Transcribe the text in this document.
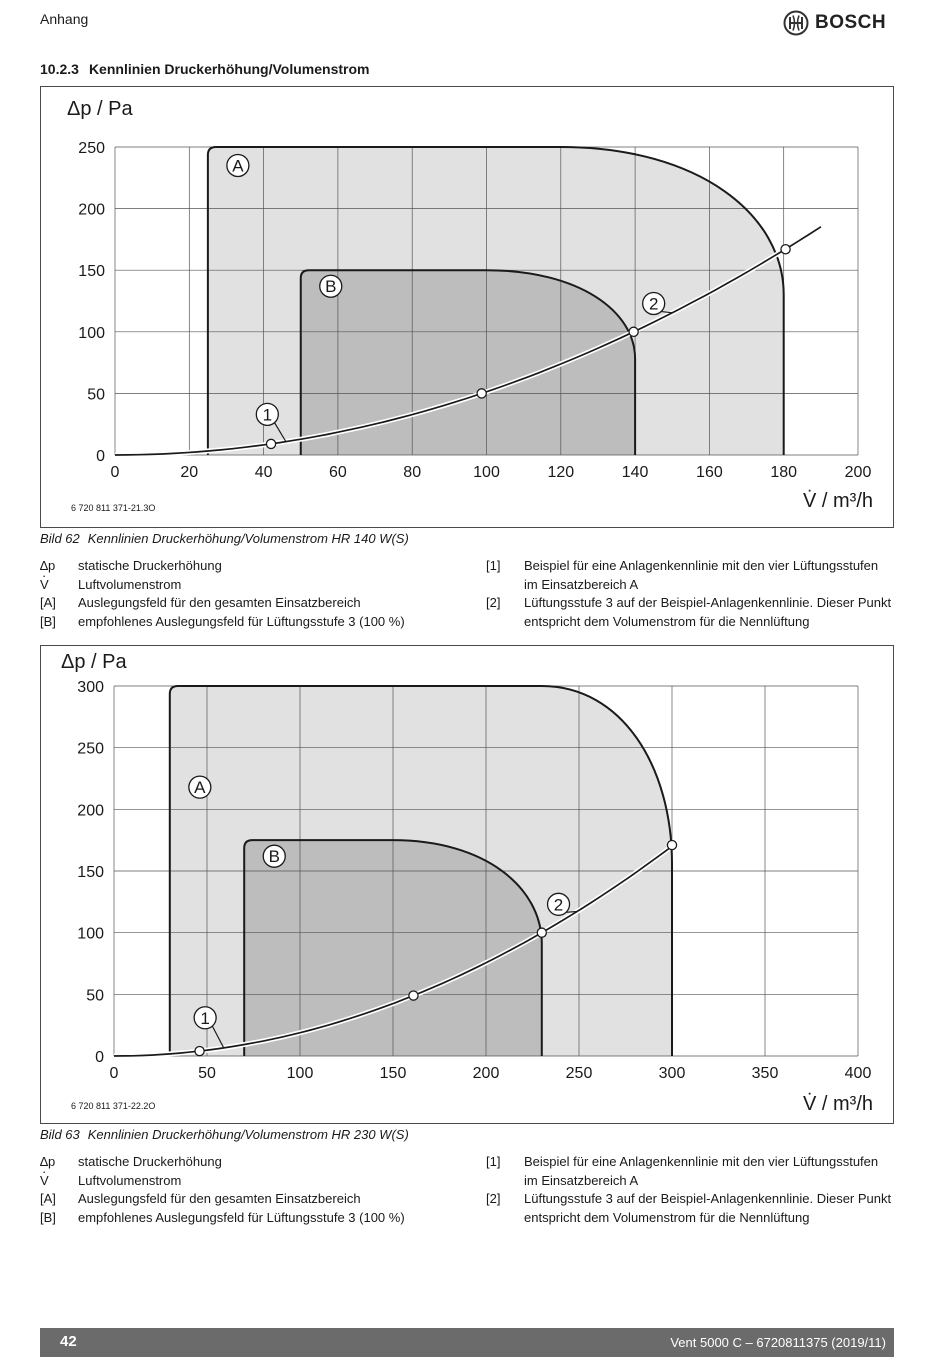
Anhang	BOSCH
10.2.3 Kennlinien Druckerhöhung/Volumenstrom
1
2
A
B
0
50
100
150
200
250
0	20	40	60	80	100	120	140	160	180	200
Δp / Pa
V̇ / m³/h
6 720 811 371-21.3O
Bild 62 Kennlinien Druckerhöhung/Volumenstrom HR 140 W(S)
∆p	statische Druckerhöhung
· V	Luftvolumenstrom
[A]	Auslegungsfeld für den gesamten Einsatzbereich
[B]	empfohlenes Auslegungsfeld für Lüftungsstufe 3 (100 %)
[1]	Beispiel für eine Anlagenkennlinie mit den vier Lüftungsstufen im Einsatzbereich A
[2]	Lüftungsstufe 3 auf der Beispiel-Anlagenkennlinie. Dieser Punkt entspricht dem Volumenstrom für die Nennlüftung
1
2
A
B
0
50
100
150
200
250
300
0	50	100	150	200	250	300	350	400
Δp / Pa
V̇ / m³/h
6 720 811 371-22.2O
Bild 63 Kennlinien Druckerhöhung/Volumenstrom HR 230 W(S)
∆p	statische Druckerhöhung
· V	Luftvolumenstrom
[A]	Auslegungsfeld für den gesamten Einsatzbereich
[B]	empfohlenes Auslegungsfeld für Lüftungsstufe 3 (100 %)
[1]	Beispiel für eine Anlagenkennlinie mit den vier Lüftungsstufen im Einsatzbereich A
[2]	Lüftungsstufe 3 auf der Beispiel-Anlagenkennlinie. Dieser Punkt entspricht dem Volumenstrom für die Nennlüftung
42	Vent 5000 C – 6720811375 (2019/11)
